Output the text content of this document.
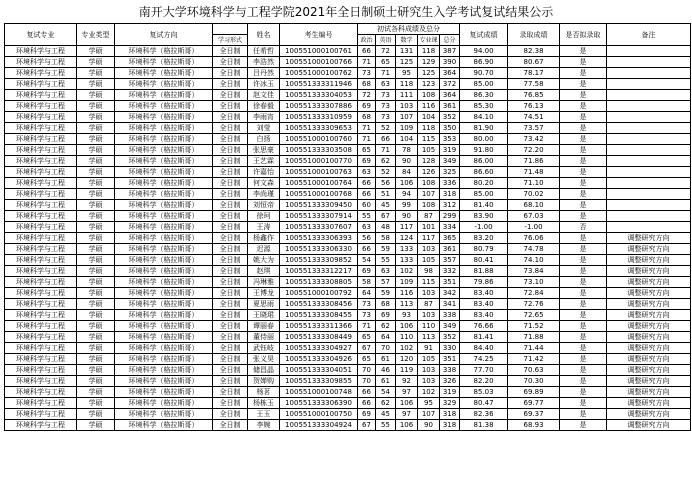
南开大学环境科学与工程学院2021年全日制硕士研究生入学考试复试结果公示
复试专业	专业类型	复试方向		姓名	考生编号	初试各科成绩及总分					复试成绩	录取成绩	是否拟录取	备注
			学习形式			政治	英语	数学	专业课	总分				
环境科学与工程	学硕	环境科学（格拉斯哥）	全日制	任希哲	100551000100761	66	72	131	118	387	94.00	82.38	是	
环境科学与工程	学硕	环境科学（格拉斯哥）	全日制	李浩然	100551000100766	71	65	125	129	390	86.90	80.67	是	
环境科学与工程	学硕	环境科学（格拉斯哥）	全日制	吕丹然	100551000100762	73	71	95	125	364	90.70	78.17	是	
环境科学与工程	学硕	环境科学（格拉斯哥）	全日制	许冰玉	100551333311946	68	63	118	123	372	85.00	77.58	是	
环境科学与工程	学硕	环境科学（格拉斯哥）	全日制	赵文佳	100551333304053	72	73	111	108	364	86.30	76.85	是	
环境科学与工程	学硕	环境科学（格拉斯哥）	全日制	徐春毅	100551333307886	69	73	103	116	361	85.30	76.13	是	
环境科学与工程	学硕	环境科学（格拉斯哥）	全日制	李雨宵	100551333310959	68	73	107	104	352	84.10	74.51	是	
环境科学与工程	学硕	环境科学（格拉斯哥）	全日制	刘莹	100551333309653	71	52	109	118	350	81.90	73.57	是	
环境科学与工程	学硕	环境科学（格拉斯哥）	全日制	白扬	100551000100760	71	66	104	115	353	80.00	73.42	是	
环境科学与工程	学硕	环境科学（格拉斯哥）	全日制	张思豪	100551333303508	65	71	78	105	319	91.80	72.20	是	
环境科学与工程	学硕	环境科学（格拉斯哥）	全日制	王艺霖	100551000100770	69	62	90	128	349	86.00	71.86	是	
环境科学与工程	学硕	环境科学（格拉斯哥）	全日制	许嘉怡	100551000100763	63	52	84	126	325	86.60	71.48	是	
环境科学与工程	学硕	环境科学（格拉斯哥）	全日制	何文森	100551000100764	66	56	106	108	336	80.20	71.10	是	
环境科学与工程	学硕	环境科学（格拉斯哥）	全日制	李尚瑾	100551000100768	66	51	94	107	318	85.00	70.02	是	
环境科学与工程	学硕	环境科学（格拉斯哥）	全日制	刘恒帝	100551333309450	60	45	99	108	312	81.40	68.10	是	
环境科学与工程	学硕	环境科学（格拉斯哥）	全日制	徐珂	100551333307914	55	67	90	87	299	83.90	67.03	是	
环境科学与工程	学硕	环境科学（格拉斯哥）	全日制	王涛	100551333307607	63	48	117	101	334	-1.00	-1.00	否	
环境科学与工程	学硕	环境科学（格拉斯哥）	全日制	杨鑫作	100551333306393	56	58	124	117	365	83.20	76.06	是	调整研究方向
环境科学与工程	学硕	环境科学（格拉斯哥）	全日制	迟源	100551333306330	66	59	133	103	361	80.79	74.78	是	调整研究方向
环境科学与工程	学硕	环境科学（格拉斯哥）	全日制	姚大为	100551333309852	54	55	133	105	357	80.41	74.10	是	调整研究方向
环境科学与工程	学硕	环境科学（格拉斯哥）	全日制	赵琪	100551333312217	69	63	102	98	332	81.88	73.84	是	调整研究方向
环境科学与工程	学硕	环境科学（格拉斯哥）	全日制	冯琳雅	100551333308805	58	57	109	115	351	79.86	73.10	是	调整研究方向
环境科学与工程	学硕	环境科学（格拉斯哥）	全日制	王博龙	100551000100792	64	59	116	103	342	83.40	72.84	是	调整研究方向
环境科学与工程	学硕	环境科学（格拉斯哥）	全日制	夏思雨	100551333308456	73	68	113	87	341	83.40	72.76	是	调整研究方向
环境科学与工程	学硕	环境科学（格拉斯哥）	全日制	王晓珺	100551333308455	73	69	93	103	338	83.40	72.65	是	调整研究方向
环境科学与工程	学硕	环境科学（格拉斯哥）	全日制	谭丽春	100551333311366	71	62	106	110	349	76.66	71.52	是	调整研究方向
环境科学与工程	学硕	环境科学（格拉斯哥）	全日制	董侍丽	100551333308449	65	64	110	113	352	81.41	71.88	是	调整研究方向
环境科学与工程	学硕	环境科学（格拉斯哥）	全日制	武钰岐	100551333304927	67	70	102	91	330	84.40	71.44	是	调整研究方向
环境科学与工程	学硕	环境科学（格拉斯哥）	全日制	张义昊	100551333304926	65	61	120	105	351	74.25	71.42	是	调整研究方向
环境科学与工程	学硕	环境科学（格拉斯哥）	全日制	储昌晶	100551333304051	70	46	119	103	338	77.70	70.63	是	调整研究方向
环境科学与工程	学硕	环境科学（格拉斯哥）	全日制	贺婵购	100551333309855	70	61	92	103	326	82.20	70.30	是	调整研究方向
环境科学与工程	学硕	环境科学（格拉斯哥）	全日制	杨茗	100551000100748	66	54	97	102	319	85.03	69.89	是	调整研究方向
环境科学与工程	学硕	环境科学（格拉斯哥）	全日制	杨栋玉	100551333306390	66	62	106	95	329	80.47	69.77	是	调整研究方向
环境科学与工程	学硕	环境科学（格拉斯哥）	全日制	王玉	100551000100750	69	45	97	107	318	82.36	69.37	是	调整研究方向
环境科学与工程	学硕	环境科学（格拉斯哥）	全日制	李婉	100551333304924	67	55	106	90	318	81.38	68.93	是	调整研究方向
